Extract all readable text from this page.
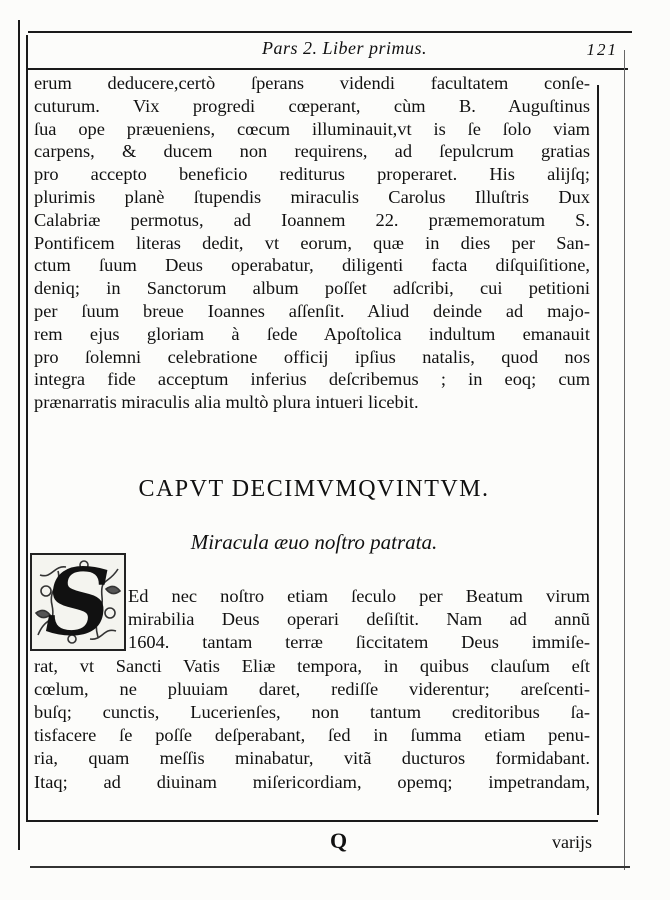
Pars 2. Liber primus.	121
erum deducere,certò ſperans videndi facultatem conſe-
cuturum. Vix progredi cœperant, cùm B. Auguſtinus
ſua ope præueniens, cœcum illuminauit,vt is ſe ſolo viam
carpens, & ducem non requirens, ad ſepulcrum gratias
pro accepto beneficio rediturus properaret. His alijſq;
plurimis planè ſtupendis miraculis Carolus Illuſtris Dux
Calabriæ permotus, ad Ioannem 22. præmemoratum S.
Pontificem literas dedit, vt eorum, quæ in dies per San-
ctum ſuum Deus operabatur, diligenti facta diſquiſitione,
deniq; in Sanctorum album poſſet adſcribi, cui petitioni
per ſuum breue Ioannes aſſenſit. Aliud deinde ad majo-
rem ejus gloriam à ſede Apoſtolica indultum emanauit
pro ſolemni celebratione officij ipſius natalis, quod nos
integra fide acceptum inferius deſcribemus ; in eoq; cum
prænarratis miraculis alia multò plura intueri licebit.
CAPVT DECIMVMQVINTVM.
Miracula æuo noſtro patrata.
S Ed nec noſtro etiam ſeculo per Beatum virum
mirabilia Deus operari deſiſtit. Nam ad annũ
1604. tantam terræ ſiccitatem Deus immiſe-
rat, vt Sancti Vatis Eliæ tempora, in quibus clauſum eſt
cœlum, ne pluuiam daret, rediſſe viderentur; areſcenti-
buſq; cunctis, Lucerienſes, non tantum creditoribus ſa-
tisfacere ſe poſſe deſperabant, ſed in ſumma etiam penu-
ria, quam meſſis minabatur, vitã ducturos formidabant.
Itaq; ad diuinam miſericordiam, opemq; impetrandam,
Q	varijs
